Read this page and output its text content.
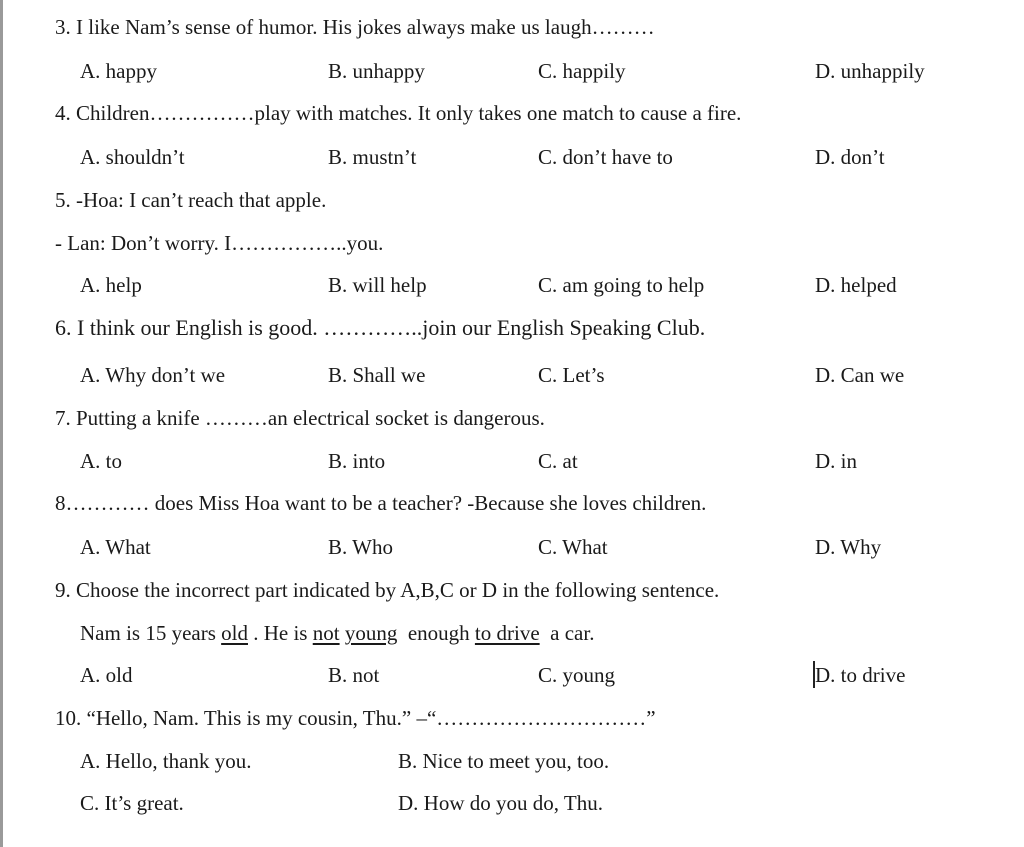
3. I like Nam’s sense of humor. His jokes always make us laugh………
A. happy	B. unhappy	C. happily	D. unhappily
4. Children……………play with matches. It only takes one match to cause a fire.
A. shouldn’t	B. mustn’t	C. don’t have to	D. don’t
5. -Hoa: I can’t reach that apple.
- Lan: Don’t worry. I……………..you.
A. help	B. will help	C. am going to help	D. helped
6. I think our English is good. …………..join our English Speaking Club.
A. Why don’t we	B. Shall we	C. Let’s	D. Can we
7. Putting a knife ………an electrical socket is dangerous.
A. to	B. into	C. at	D. in
8………… does Miss Hoa want to be a teacher? -Because she loves children.
A. What	B. Who	C. What	D. Why
9. Choose the incorrect part indicated by A,B,C or D in the following sentence.
Nam is 15 years old . He is not young  enough to drive  a car.
A. old	B. not	C. young	D. to drive
10. “Hello, Nam. This is my cousin, Thu.” –“…………………………”
A. Hello, thank you.	B. Nice to meet you, too.
C. It’s great.	D. How do you do, Thu.
